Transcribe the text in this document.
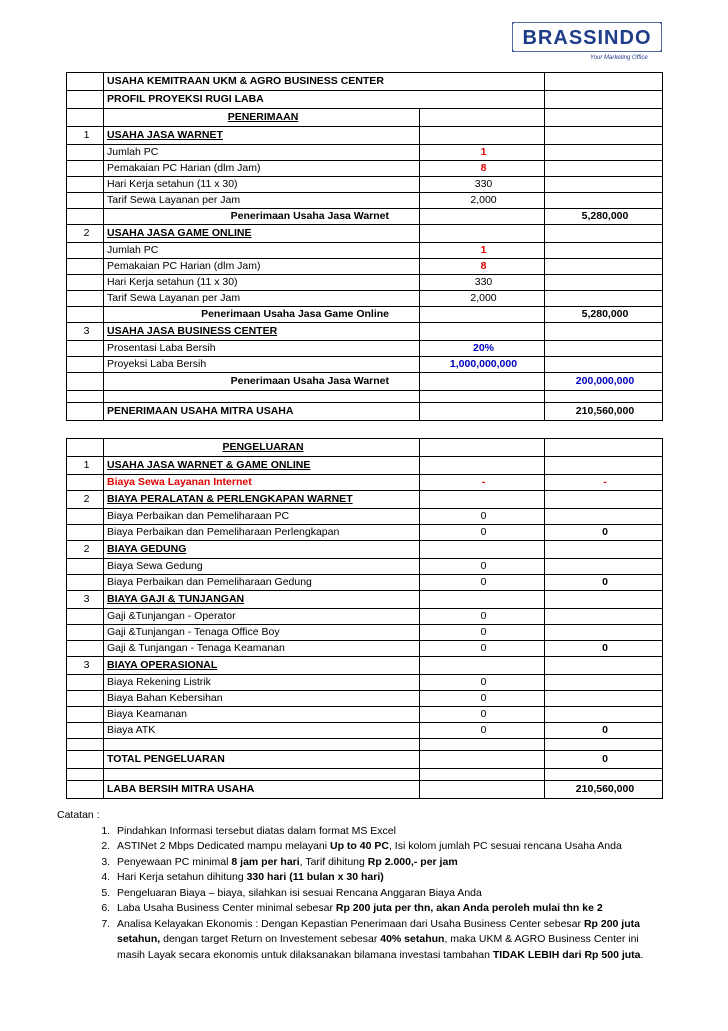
BRASSINDO
Your Marketing Office
	USAHA KEMITRAAN UKM & AGRO BUSINESS CENTER		
	PROFIL PROYEKSI RUGI LABA		
	PENERIMAAN		
1	USAHA JASA WARNET		
	Jumlah PC	1	
	Pemakaian PC Harian (dlm Jam)	8	
	Hari Kerja setahun (11 x 30)	330	
	Tarif Sewa Layanan per Jam	2,000	
	Penerimaan Usaha Jasa Warnet		5,280,000
2	USAHA JASA GAME ONLINE		
	Jumlah PC	1	
	Pemakaian PC Harian (dlm Jam)	8	
	Hari Kerja setahun (11 x 30)	330	
	Tarif Sewa Layanan per Jam	2,000	
	Penerimaan Usaha Jasa Game Online		5,280,000
3	USAHA JASA BUSINESS CENTER		
	Prosentasi Laba Bersih	20%	
	Proyeksi Laba Bersih	1,000,000,000	
	Penerimaan Usaha Jasa Warnet		200,000,000

	PENERIMAAN USAHA MITRA USAHA		210,560,000
	PENGELUARAN		
1	USAHA JASA WARNET & GAME ONLINE		
	Biaya Sewa Layanan Internet	-	-
2	BIAYA PERALATAN & PERLENGKAPAN WARNET		
	Biaya Perbaikan dan Pemeliharaan PC	0	
	Biaya Perbaikan dan Pemeliharaan Perlengkapan	0	0
2	BIAYA GEDUNG		
	Biaya Sewa Gedung	0	
	Biaya Perbaikan dan Pemeliharaan Gedung	0	0
3	BIAYA GAJI & TUNJANGAN		
	Gaji &Tunjangan - Operator	0	
	Gaji &Tunjangan - Tenaga Office Boy	0	
	Gaji & Tunjangan - Tenaga Keamanan	0	0
3	BIAYA OPERASIONAL		
	Biaya Rekening Listrik	0	
	Biaya Bahan Kebersihan	0	
	Biaya Keamanan	0	
	Biaya ATK	0	0

	TOTAL PENGELUARAN		0

	LABA BERSIH MITRA USAHA		210,560,000
Catatan :
1. Pindahkan Informasi tersebut diatas dalam format MS Excel
2. ASTINet 2 Mbps Dedicated mampu melayani Up to 40 PC, Isi kolom jumlah PC sesuai rencana Usaha Anda
3. Penyewaan PC minimal 8 jam per hari, Tarif dihitung Rp 2.000,- per jam
4. Hari Kerja setahun dihitung 330 hari (11 bulan x 30 hari)
5. Pengeluaran Biaya – biaya, silahkan isi sesuai Rencana Anggaran Biaya Anda
6. Laba Usaha Business Center minimal sebesar Rp 200 juta per thn, akan Anda peroleh mulai thn ke 2
7. Analisa Kelayakan Ekonomis : Dengan Kepastian Penerimaan dari Usaha Business Center sebesar Rp 200 juta setahun, dengan target Return on Investement sebesar 40% setahun, maka UKM & AGRO Business Center ini masih Layak secara ekonomis untuk dilaksanakan bilamana investasi tambahan TIDAK LEBIH dari Rp 500 juta.
